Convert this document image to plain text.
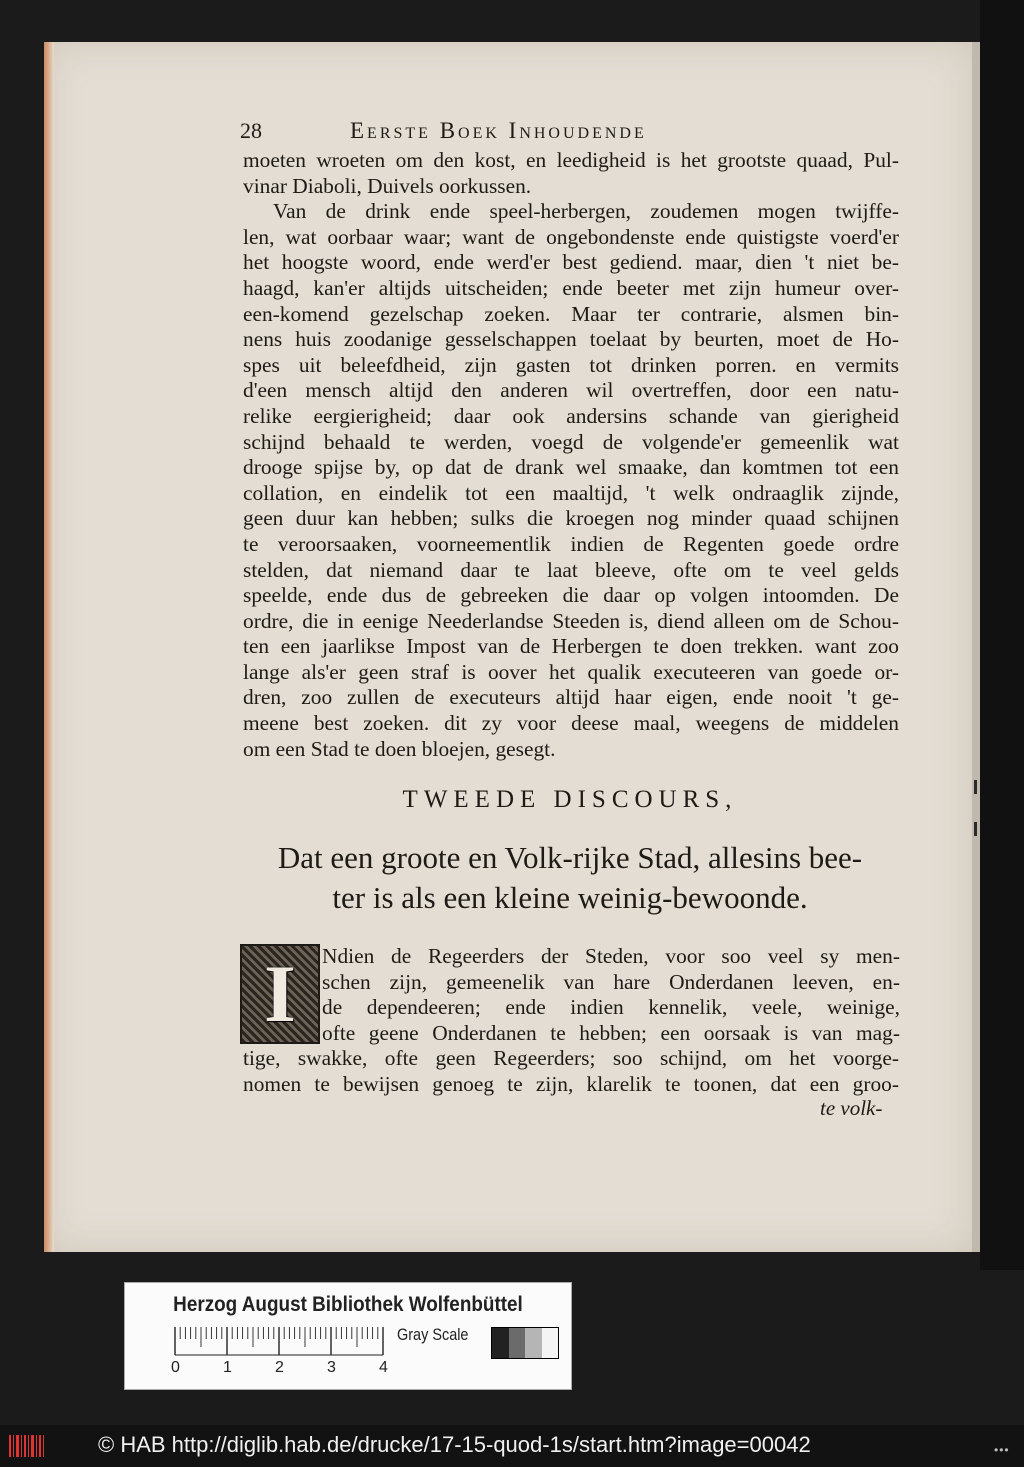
28	Eerste Boek Inhoudende
moeten wroeten om den kost, en leedigheid is het grootste quaad, Pul-
vinar Diaboli, Duivels oorkussen.
Van de drink ende speel-herbergen, zoudemen mogen twijffe-
len, wat oorbaar waar; want de ongebondenste ende quistigste voerd'er
het hoogste woord, ende werd'er best gediend. maar, dien 't niet be-
haagd, kan'er altijds uitscheiden; ende beeter met zijn humeur over-
een-komend gezelschap zoeken. Maar ter contrarie, alsmen bin-
nens huis zoodanige gesselschappen toelaat by beurten, moet de Ho-
spes uit beleefdheid, zijn gasten tot drinken porren. en vermits
d'een mensch altijd den anderen wil overtreffen, door een natu-
relike eergierigheid; daar ook andersins schande van gierigheid
schijnd behaald te werden, voegd de volgende'er gemeenlik wat
drooge spijse by, op dat de drank wel smaake, dan komtmen tot een
collation, en eindelik tot een maaltijd, 't welk ondraaglik zijnde,
geen duur kan hebben; sulks die kroegen nog minder quaad schijnen
te veroorsaaken, voorneementlik indien de Regenten goede ordre
stelden, dat niemand daar te laat bleeve, ofte om te veel gelds
speelde, ende dus de gebreeken die daar op volgen intoomden. De
ordre, die in eenige Neederlandse Steeden is, diend alleen om de Schou-
ten een jaarlikse Impost van de Herbergen te doen trekken. want zoo
lange als'er geen straf is oover het qualik executeeren van goede or-
dren, zoo zullen de executeurs altijd haar eigen, ende nooit 't ge-
meene best zoeken. dit zy voor deese maal, weegens de middelen
om een Stad te doen bloejen, gesegt.
TWEEDE DISCOURS,
Dat een groote en Volk-rijke Stad, allesins bee-
ter is als een kleine weinig-bewoonde.
I Ndien de Regeerders der Steden, voor soo veel sy men-
schen zijn, gemeenelik van hare Onderdanen leeven, en-
de dependeeren; ende indien kennelik, veele, weinige,
ofte geene Onderdanen te hebben; een oorsaak is van mag-
tige, swakke, ofte geen Regeerders; soo schijnd, om het voorge-
nomen te bewijsen genoeg te zijn, klarelik te toonen, dat een groo-
te volk-
Herzog August Bibliothek Wolfenbüttel
0	1	2	3	4
Gray Scale
© HAB http://diglib.hab.de/drucke/17-15-quod-1s/start.htm?image=00042	•••
